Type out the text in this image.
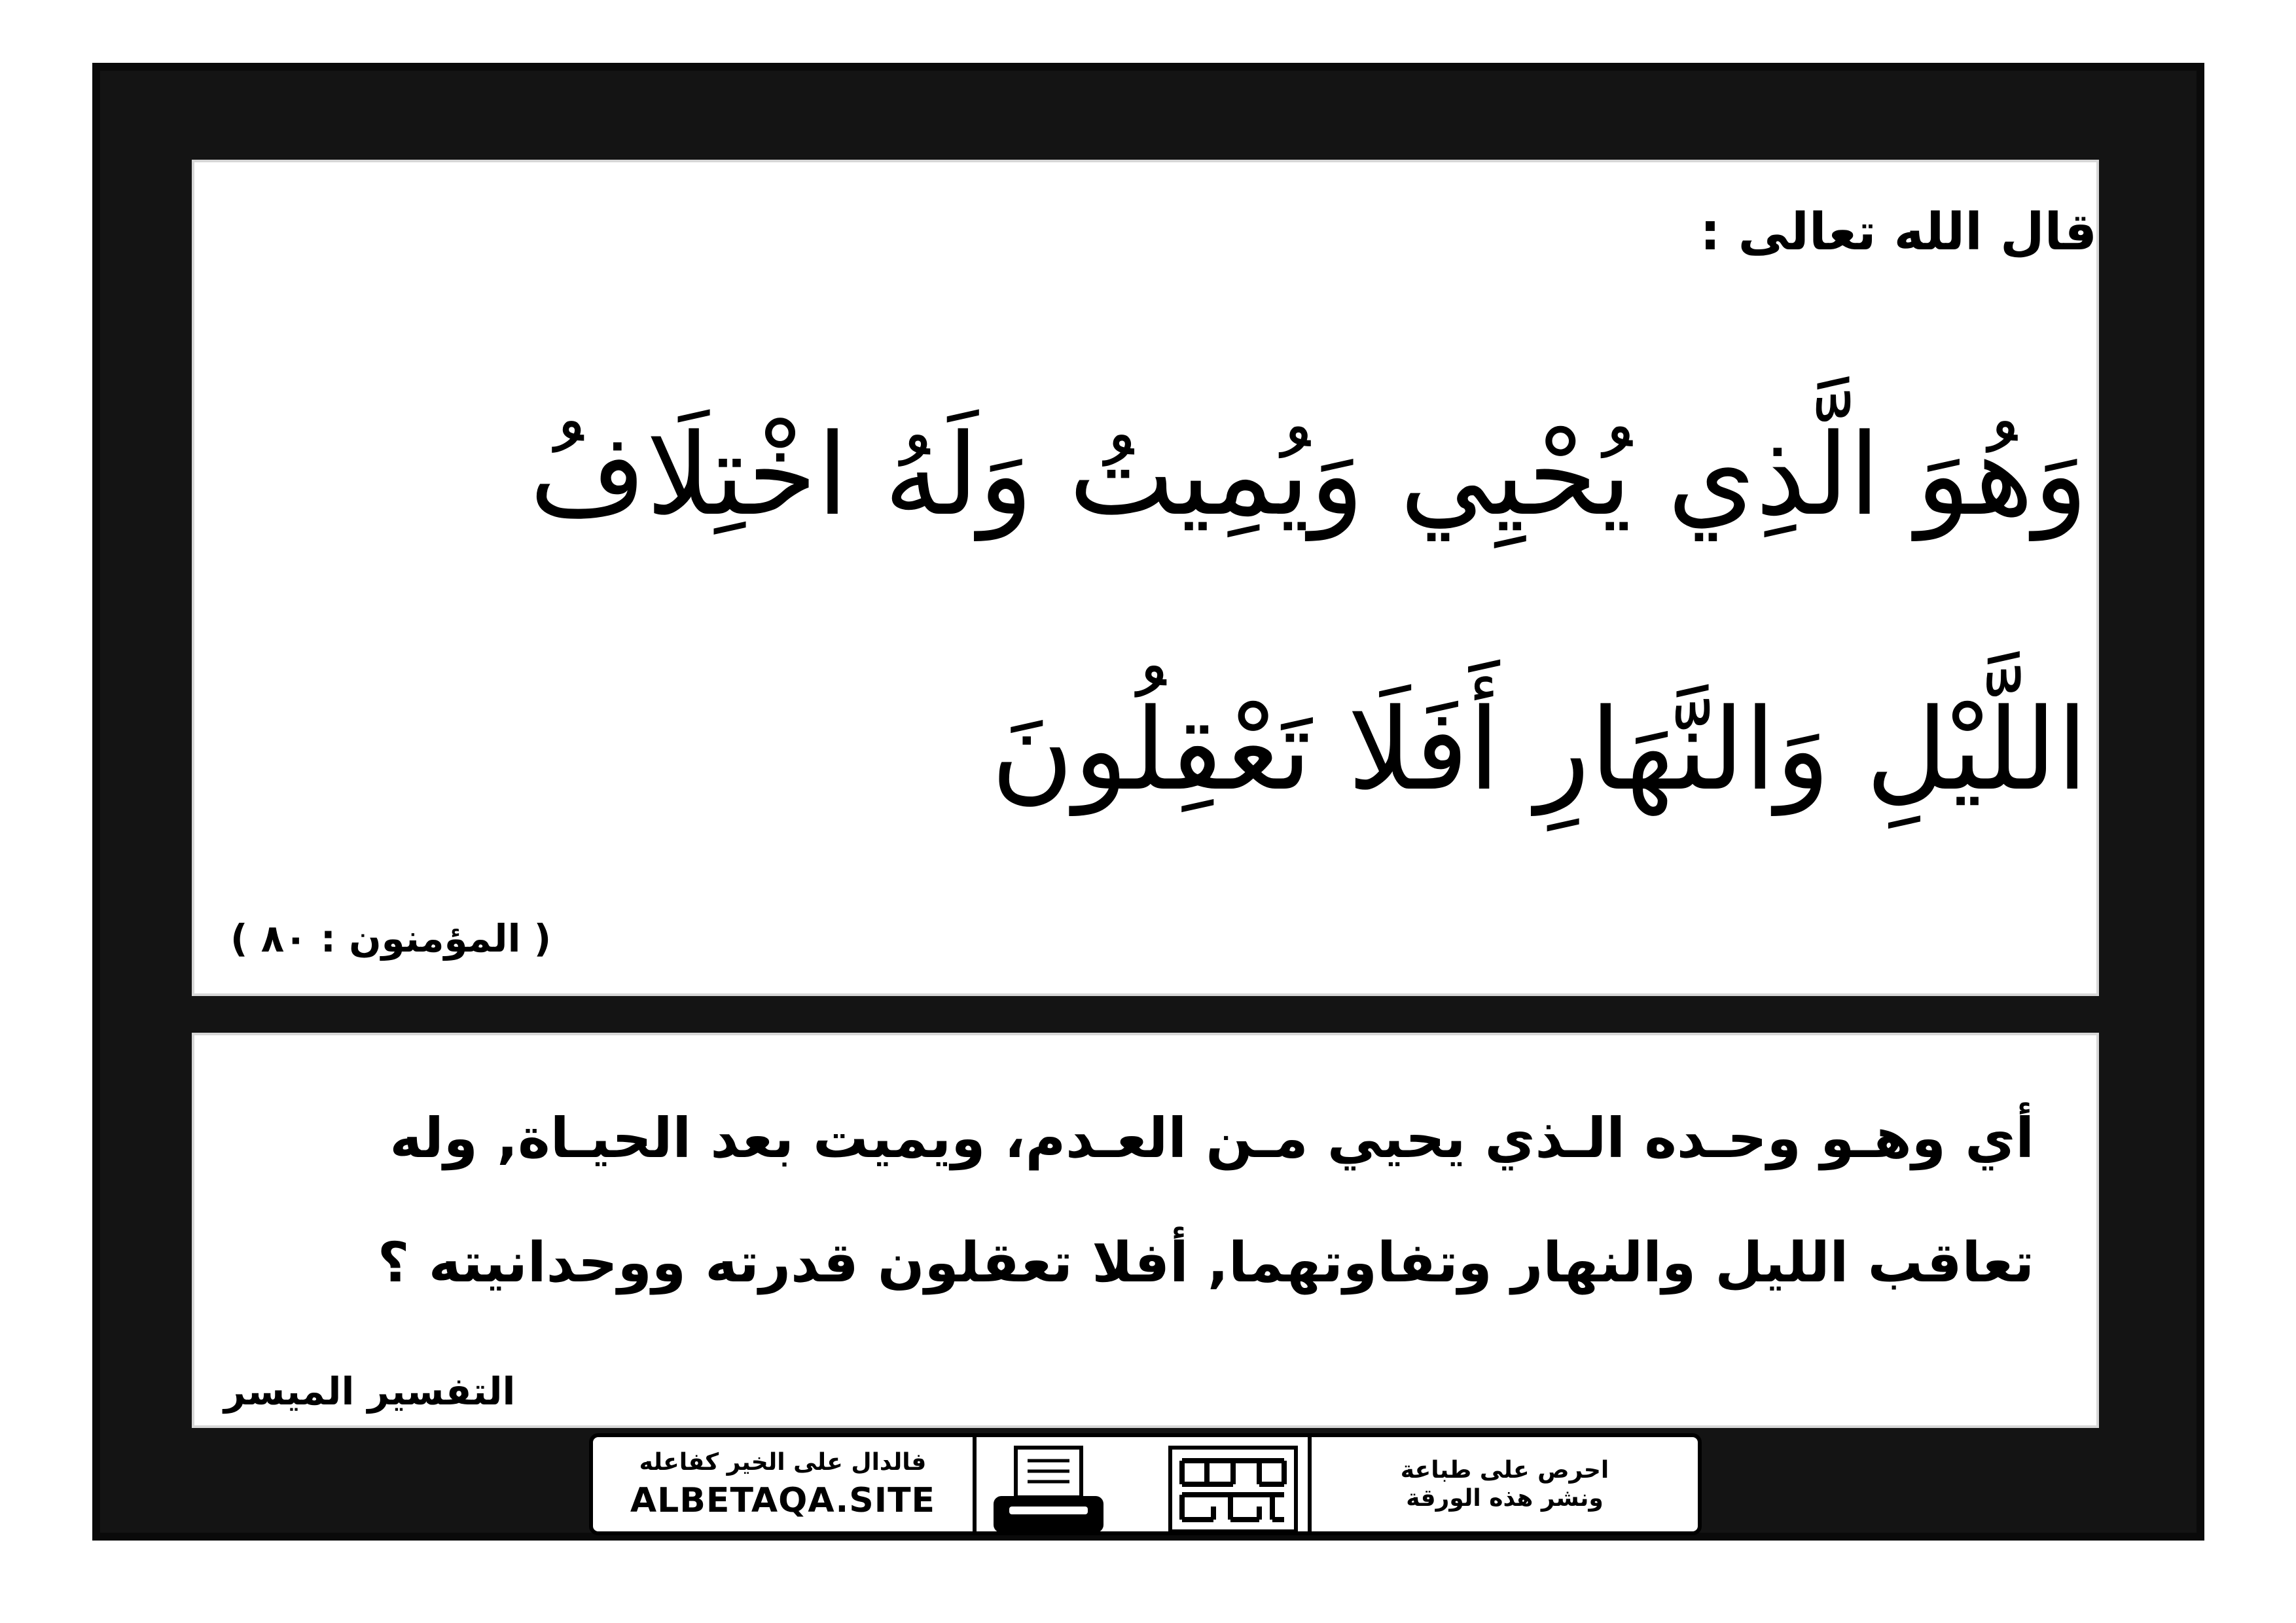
قال الله تعالى :
وَهُوَ الَّذِي يُحْيِي وَيُمِيتُ وَلَهُ اخْتِلَافُ
اللَّيْلِ وَالنَّهَارِ أَفَلَا تَعْقِلُونَ
( المؤمنون : ٨٠ )
أي وهـو وحـده الـذي يحيي مـن العـدم، ويميت بعد الحيـاة, وله
تعاقب الليل والنهار وتفاوتهما, أفلا تعقلون قدرته ووحدانيته ؟
التفسير الميسر
فالدال على الخير كفاعله
ALBETAQA.SITE
احرص على طباعة
ونشر هذه الورقة
